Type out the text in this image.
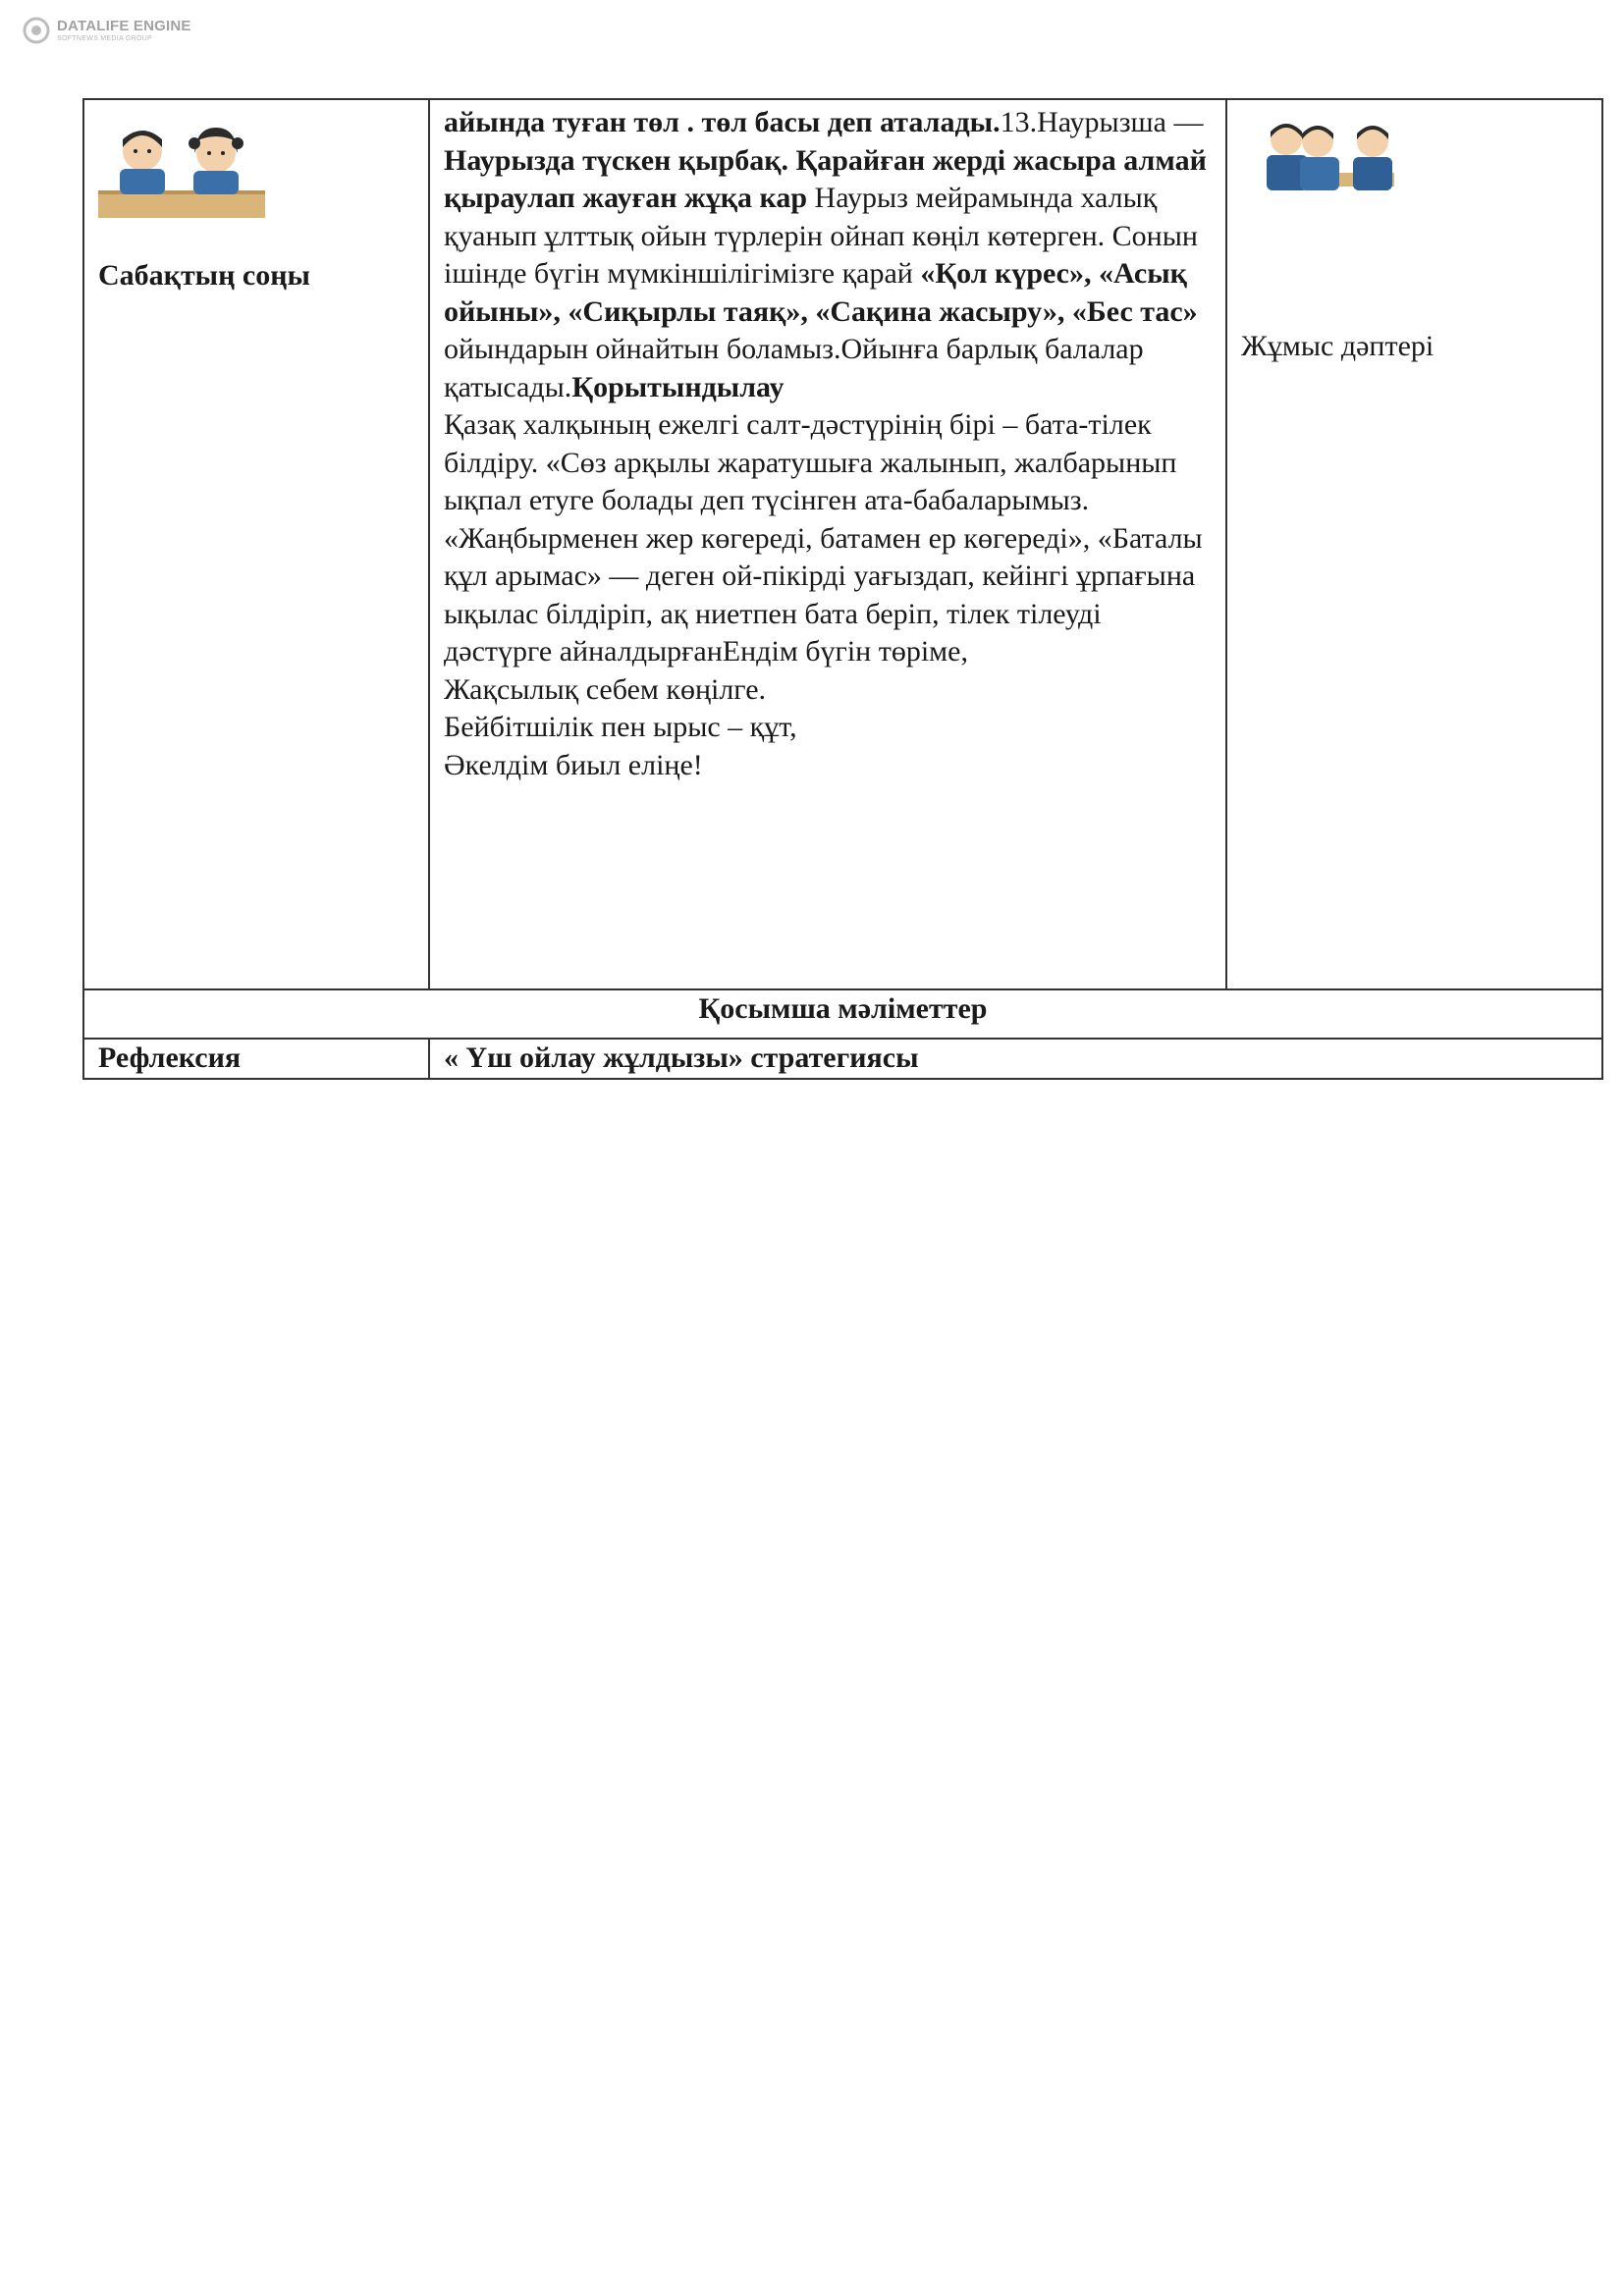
DATALIFE ENGINE
SOFTNEWS MEDIA GROUP
Сабақтың соңы	айында туған төл . төл басы деп аталады.13.Наурызша — Наурызда түскен қырбақ. Қарайған жерді жасыра алмай қыраулап жауған жұқа кар Наурыз мейрамында халық қуанып ұлттық ойын түрлерін ойнап көңіл көтерген. Сонын ішінде бүгін мүмкіншілігімізге қарай «Қол күрес», «Асық ойыны», «Сиқырлы таяқ», «Сақина жасыру», «Бес тас» ойындарын ойнайтын боламыз.Ойынға барлық балалар қатысады.Қорытындылау

Қазақ халқының ежелгі салт-дәстүрінің бірі – бата-тілек білдіру. «Сөз арқылы жаратушыға жалынып, жалбарынып ықпал етуге болады деп түсінген ата-бабаларымыз. «Жаңбырменен жер көгереді, батамен ер көгереді», «Баталы құл арымас» — деген ой-пікірді уағыздап, кейінгі ұрпағына ықылас білдіріп, ақ ниетпен бата беріп, тілек тілеуді дәстүрге айналдырғанЕндім бүгін төріме,

Жақсылық себем көңілге.

Бейбітшілік пен ырыс – құт,

Әкелдім биыл еліңе!	Жұмыс дәптері

Қосымша мәліметтер		
Рефлексия	« Үш ойлау жұлдызы» стратегиясы	
